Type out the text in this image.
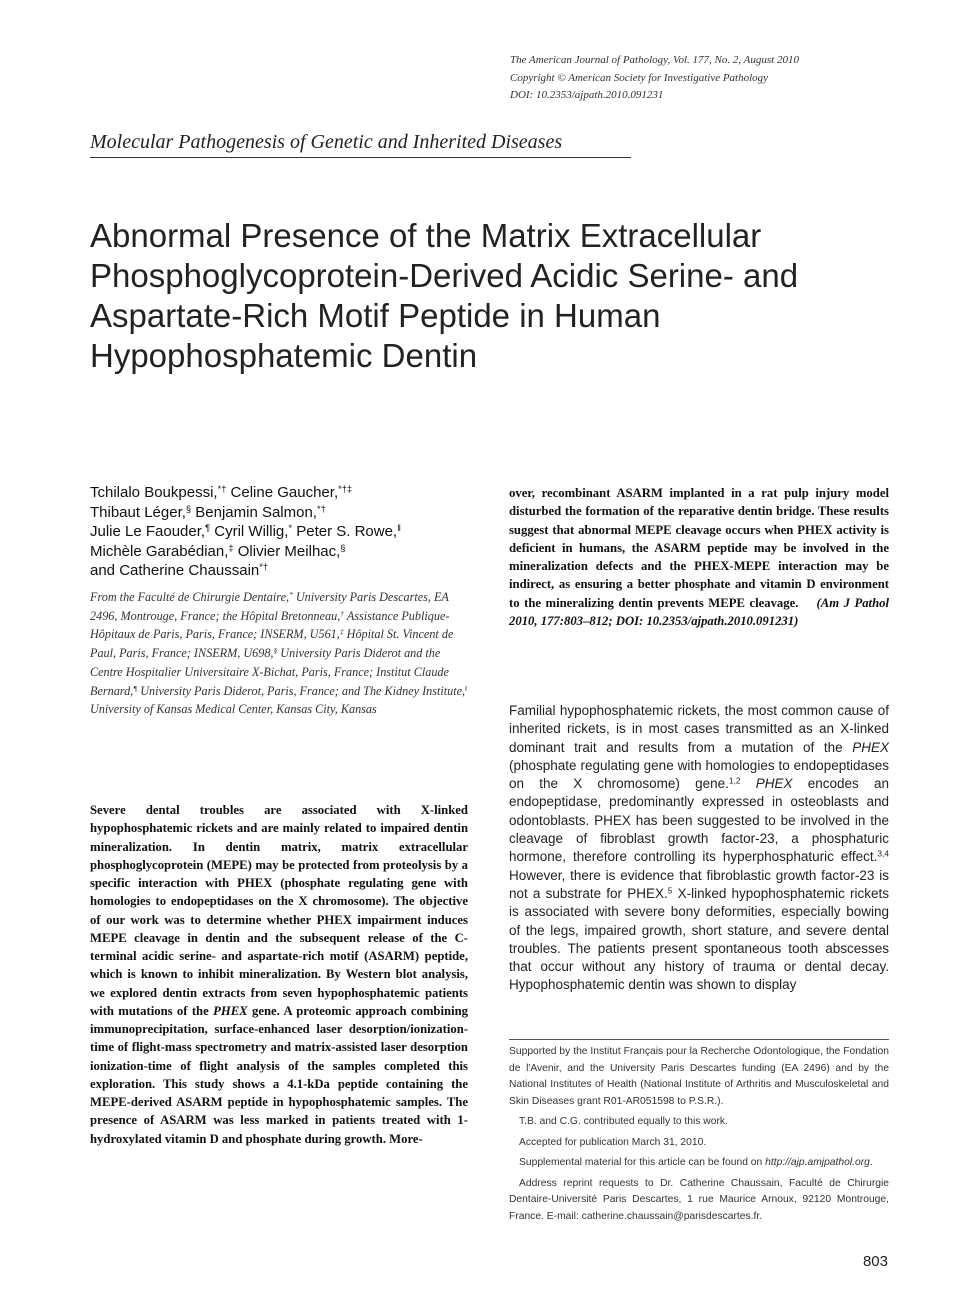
The American Journal of Pathology, Vol. 177, No. 2, August 2010
Copyright © American Society for Investigative Pathology
DOI: 10.2353/ajpath.2010.091231
Molecular Pathogenesis of Genetic and Inherited Diseases
Abnormal Presence of the Matrix Extracellular Phosphoglycoprotein-Derived Acidic Serine- and Aspartate-Rich Motif Peptide in Human Hypophosphatemic Dentin
Tchilalo Boukpessi,*† Celine Gaucher,*†‡
Thibaut Léger,§ Benjamin Salmon,*†
Julie Le Faouder,¶ Cyril Willig,* Peter S. Rowe,‖
Michèle Garabédian,‡ Olivier Meilhac,§
and Catherine Chaussain*†
From the Faculté de Chirurgie Dentaire,* University Paris Descartes, EA 2496, Montrouge, France; the Hôpital Bretonneau,† Assistance Publique-Hôpitaux de Paris, Paris, France; INSERM, U561,‡ Hôpital St. Vincent de Paul, Paris, France; INSERM, U698,§ University Paris Diderot and the Centre Hospitalier Universitaire X-Bichat, Paris, France; Institut Claude Bernard,¶ University Paris Diderot, Paris, France; and The Kidney Institute,‖ University of Kansas Medical Center, Kansas City, Kansas
Severe dental troubles are associated with X-linked hypophosphatemic rickets and are mainly related to impaired dentin mineralization. In dentin matrix, matrix extracellular phosphoglycoprotein (MEPE) may be protected from proteolysis by a specific interaction with PHEX (phosphate regulating gene with homologies to endopeptidases on the X chromosome). The objective of our work was to determine whether PHEX impairment induces MEPE cleavage in dentin and the subsequent release of the C-terminal acidic serine- and aspartate-rich motif (ASARM) peptide, which is known to inhibit mineralization. By Western blot analysis, we explored dentin extracts from seven hypophosphatemic patients with mutations of the PHEX gene. A proteomic approach combining immunoprecipitation, surface-enhanced laser desorption/ionization-time of flight-mass spectrometry and matrix-assisted laser desorption ionization-time of flight analysis of the samples completed this exploration. This study shows a 4.1-kDa peptide containing the MEPE-derived ASARM peptide in hypophosphatemic samples. The presence of ASARM was less marked in patients treated with 1-hydroxylated vitamin D and phosphate during growth. More-
over, recombinant ASARM implanted in a rat pulp injury model disturbed the formation of the reparative dentin bridge. These results suggest that abnormal MEPE cleavage occurs when PHEX activity is deficient in humans, the ASARM peptide may be involved in the mineralization defects and the PHEX-MEPE interaction may be indirect, as ensuring a better phosphate and vitamin D environment to the mineralizing dentin prevents MEPE cleavage. (Am J Pathol 2010, 177:803–812; DOI: 10.2353/ajpath.2010.091231)
Familial hypophosphatemic rickets, the most common cause of inherited rickets, is in most cases transmitted as an X-linked dominant trait and results from a mutation of the PHEX (phosphate regulating gene with homologies to endopeptidases on the X chromosome) gene.$^{1,2}$ PHEX encodes an endopeptidase, predominantly expressed in osteoblasts and odontoblasts. PHEX has been suggested to be involved in the cleavage of fibroblast growth factor-23, a phosphaturic hormone, therefore controlling its hyperphosphaturic effect.$^{3,4}$ However, there is evidence that fibroblastic growth factor-23 is not a substrate for PHEX.$^5$ X-linked hypophosphatemic rickets is associated with severe bony deformities, especially bowing of the legs, impaired growth, short stature, and severe dental troubles. The patients present spontaneous tooth abscesses that occur without any history of trauma or dental decay. Hypophosphatemic dentin was shown to display

Supported by the Institut Français pour la Recherche Odontologique, the Fondation de l'Avenir, and the University Paris Descartes funding (EA 2496) and by the National Institutes of Health (National Institute of Arthritis and Musculoskeletal and Skin Diseases grant R01-AR051598 to P.S.R.).

T.B. and C.G. contributed equally to this work.

Accepted for publication March 31, 2010.

Supplemental material for this article can be found on http://ajp.amjpathol.org.

Address reprint requests to Dr. Catherine Chaussain, Faculté de Chirurgie Dentaire-Université Paris Descartes, 1 rue Maurice Arnoux, 92120 Montrouge, France. E-mail: catherine.chaussain@parisdescartes.fr.

803
